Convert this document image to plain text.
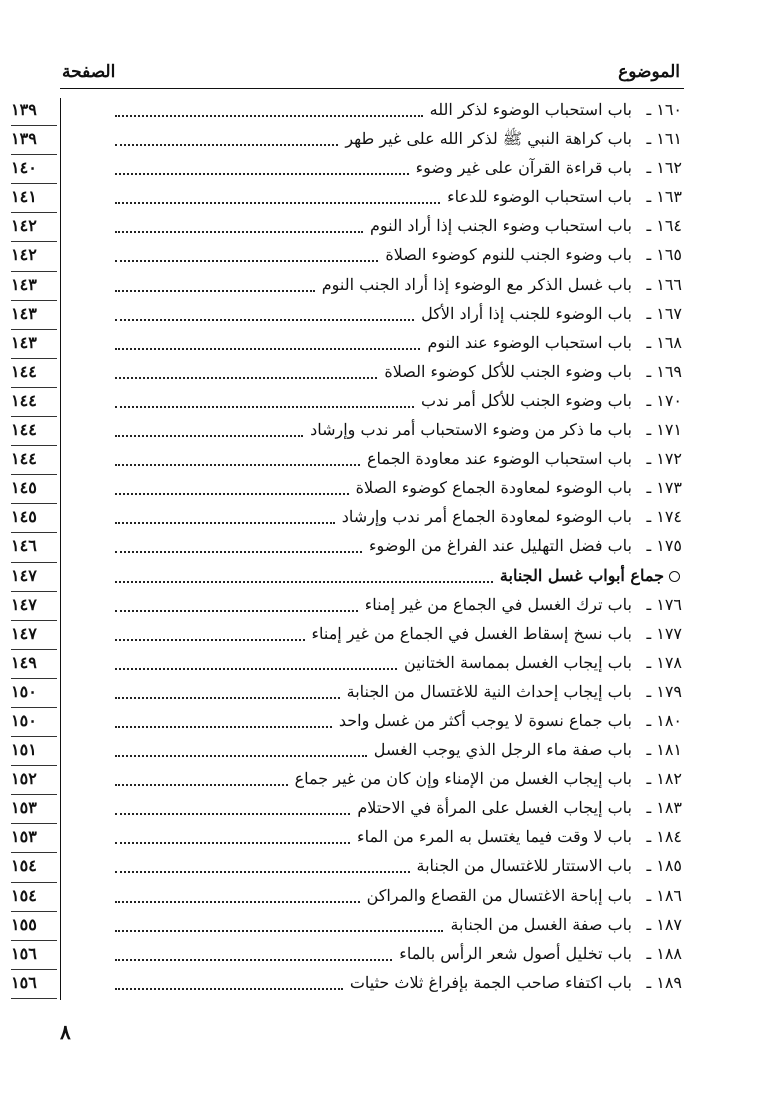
الموضوع
الصفحة
١٦٠ ـ
باب استحباب الوضوء لذكر الله
١٣٩
١٦١ ـ
باب كراهة النبي ﷺ لذكر الله على غير طهر
١٣٩
١٦٢ ـ
باب قراءة القرآن على غير وضوء
١٤٠
١٦٣ ـ
باب استحباب الوضوء للدعاء
١٤١
١٦٤ ـ
باب استحباب وضوء الجنب إذا أراد النوم
١٤٢
١٦٥ ـ
باب وضوء الجنب للنوم كوضوء الصلاة
١٤٢
١٦٦ ـ
باب غسل الذكر مع الوضوء إذا أراد الجنب النوم
١٤٣
١٦٧ ـ
باب الوضوء للجنب إذا أراد الأكل
١٤٣
١٦٨ ـ
باب استحباب الوضوء عند النوم
١٤٣
١٦٩ ـ
باب وضوء الجنب للأكل كوضوء الصلاة
١٤٤
١٧٠ ـ
باب وضوء الجنب للأكل أمر ندب
١٤٤
١٧١ ـ
باب ما ذكر من وضوء الاستحباب أمر ندب وإرشاد
١٤٤
١٧٢ ـ
باب استحباب الوضوء عند معاودة الجماع
١٤٤
١٧٣ ـ
باب الوضوء لمعاودة الجماع كوضوء الصلاة
١٤٥
١٧٤ ـ
باب الوضوء لمعاودة الجماع أمر ندب وإرشاد
١٤٥
١٧٥ ـ
باب فضل التهليل عند الفراغ من الوضوء
١٤٦
جماع أبواب غسل الجنابة
١٤٧
١٧٦ ـ
باب ترك الغسل في الجماع من غير إمناء
١٤٧
١٧٧ ـ
باب نسخ إسقاط الغسل في الجماع من غير إمناء
١٤٧
١٧٨ ـ
باب إيجاب الغسل بمماسة الختانين
١٤٩
١٧٩ ـ
باب إيجاب إحداث النية للاغتسال من الجنابة
١٥٠
١٨٠ ـ
باب جماع نسوة لا يوجب أكثر من غسل واحد
١٥٠
١٨١ ـ
باب صفة ماء الرجل الذي يوجب الغسل
١٥١
١٨٢ ـ
باب إيجاب الغسل من الإمناء وإن كان من غير جماع
١٥٢
١٨٣ ـ
باب إيجاب الغسل على المرأة في الاحتلام
١٥٣
١٨٤ ـ
باب لا وقت فيما يغتسل به المرء من الماء
١٥٣
١٨٥ ـ
باب الاستتار للاغتسال من الجنابة
١٥٤
١٨٦ ـ
باب إباحة الاغتسال من القصاع والمراكن
١٥٤
١٨٧ ـ
باب صفة الغسل من الجنابة
١٥٥
١٨٨ ـ
باب تخليل أصول شعر الرأس بالماء
١٥٦
١٨٩ ـ
باب اكتفاء صاحب الجمة بإفراغ ثلاث حثيات
١٥٦
٨
